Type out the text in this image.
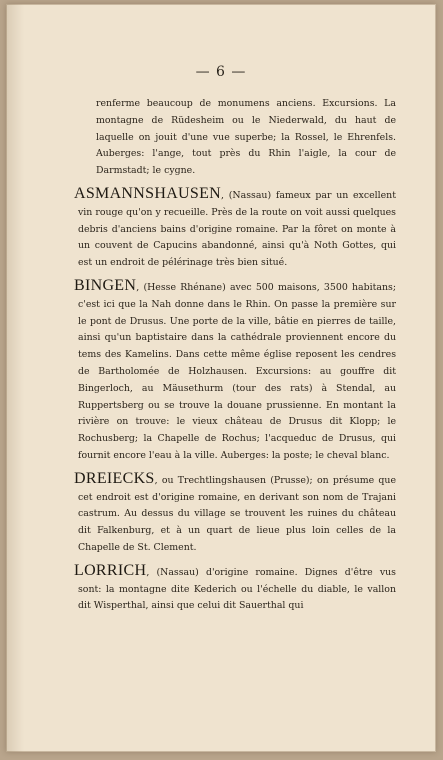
— 6 —

renferme beaucoup de monumens anciens. Excursions. La montagne de Rüdesheim ou le Niederwald, du haut de laquelle on jouit d'une vue superbe; la Rossel, le Ehrenfels. Auberges: l'ange, tout près du Rhin l'aigle, la cour de Darmstadt; le cygne.

ASMANNSHAUSEN, (Nassau) fameux par un excellent vin rouge qu'on y recueille. Près de la route on voit aussi quelques debris d'anciens bains d'origine romaine. Par la fôret on monte à un couvent de Capucins abandonné, ainsi qu'à Noth Gottes, qui est un endroit de pélérinage très bien situé.

BINGEN, (Hesse Rhénane) avec 500 maisons, 3500 habitans; c'est ici que la Nah donne dans le Rhin. On passe la première sur le pont de Drusus. Une porte de la ville, bâtie en pierres de taille, ainsi qu'un baptistaire dans la cathédrale proviennent encore du tems des Kamelins. Dans cette même église reposent les cendres de Bartholomée de Holzhausen. Excursions: au gouffre dit Bingerloch, au Mäusethurm (tour des rats) à Stendal, au Ruppertsberg ou se trouve la douane prussienne. En montant la rivière on trouve: le vieux château de Drusus dit Klopp; le Rochusberg; la Chapelle de Rochus; l'acqueduc de Drusus, qui fournit encore l'eau à la ville. Auberges: la poste; le cheval blanc.

DREIECKS, ou Trechtlingshausen (Prusse); on présume que cet endroit est d'origine romaine, en derivant son nom de Trajani castrum. Au dessus du village se trouvent les ruines du château dit Falkenburg, et à un quart de lieue plus loin celles de la Chapelle de St. Clement.

LORRICH, (Nassau) d'origine romaine. Dignes d'être vus sont: la montagne dite Kederich ou l'échelle du diable, le vallon dit Wisperthal, ainsi que celui dit Sauerthal qui
